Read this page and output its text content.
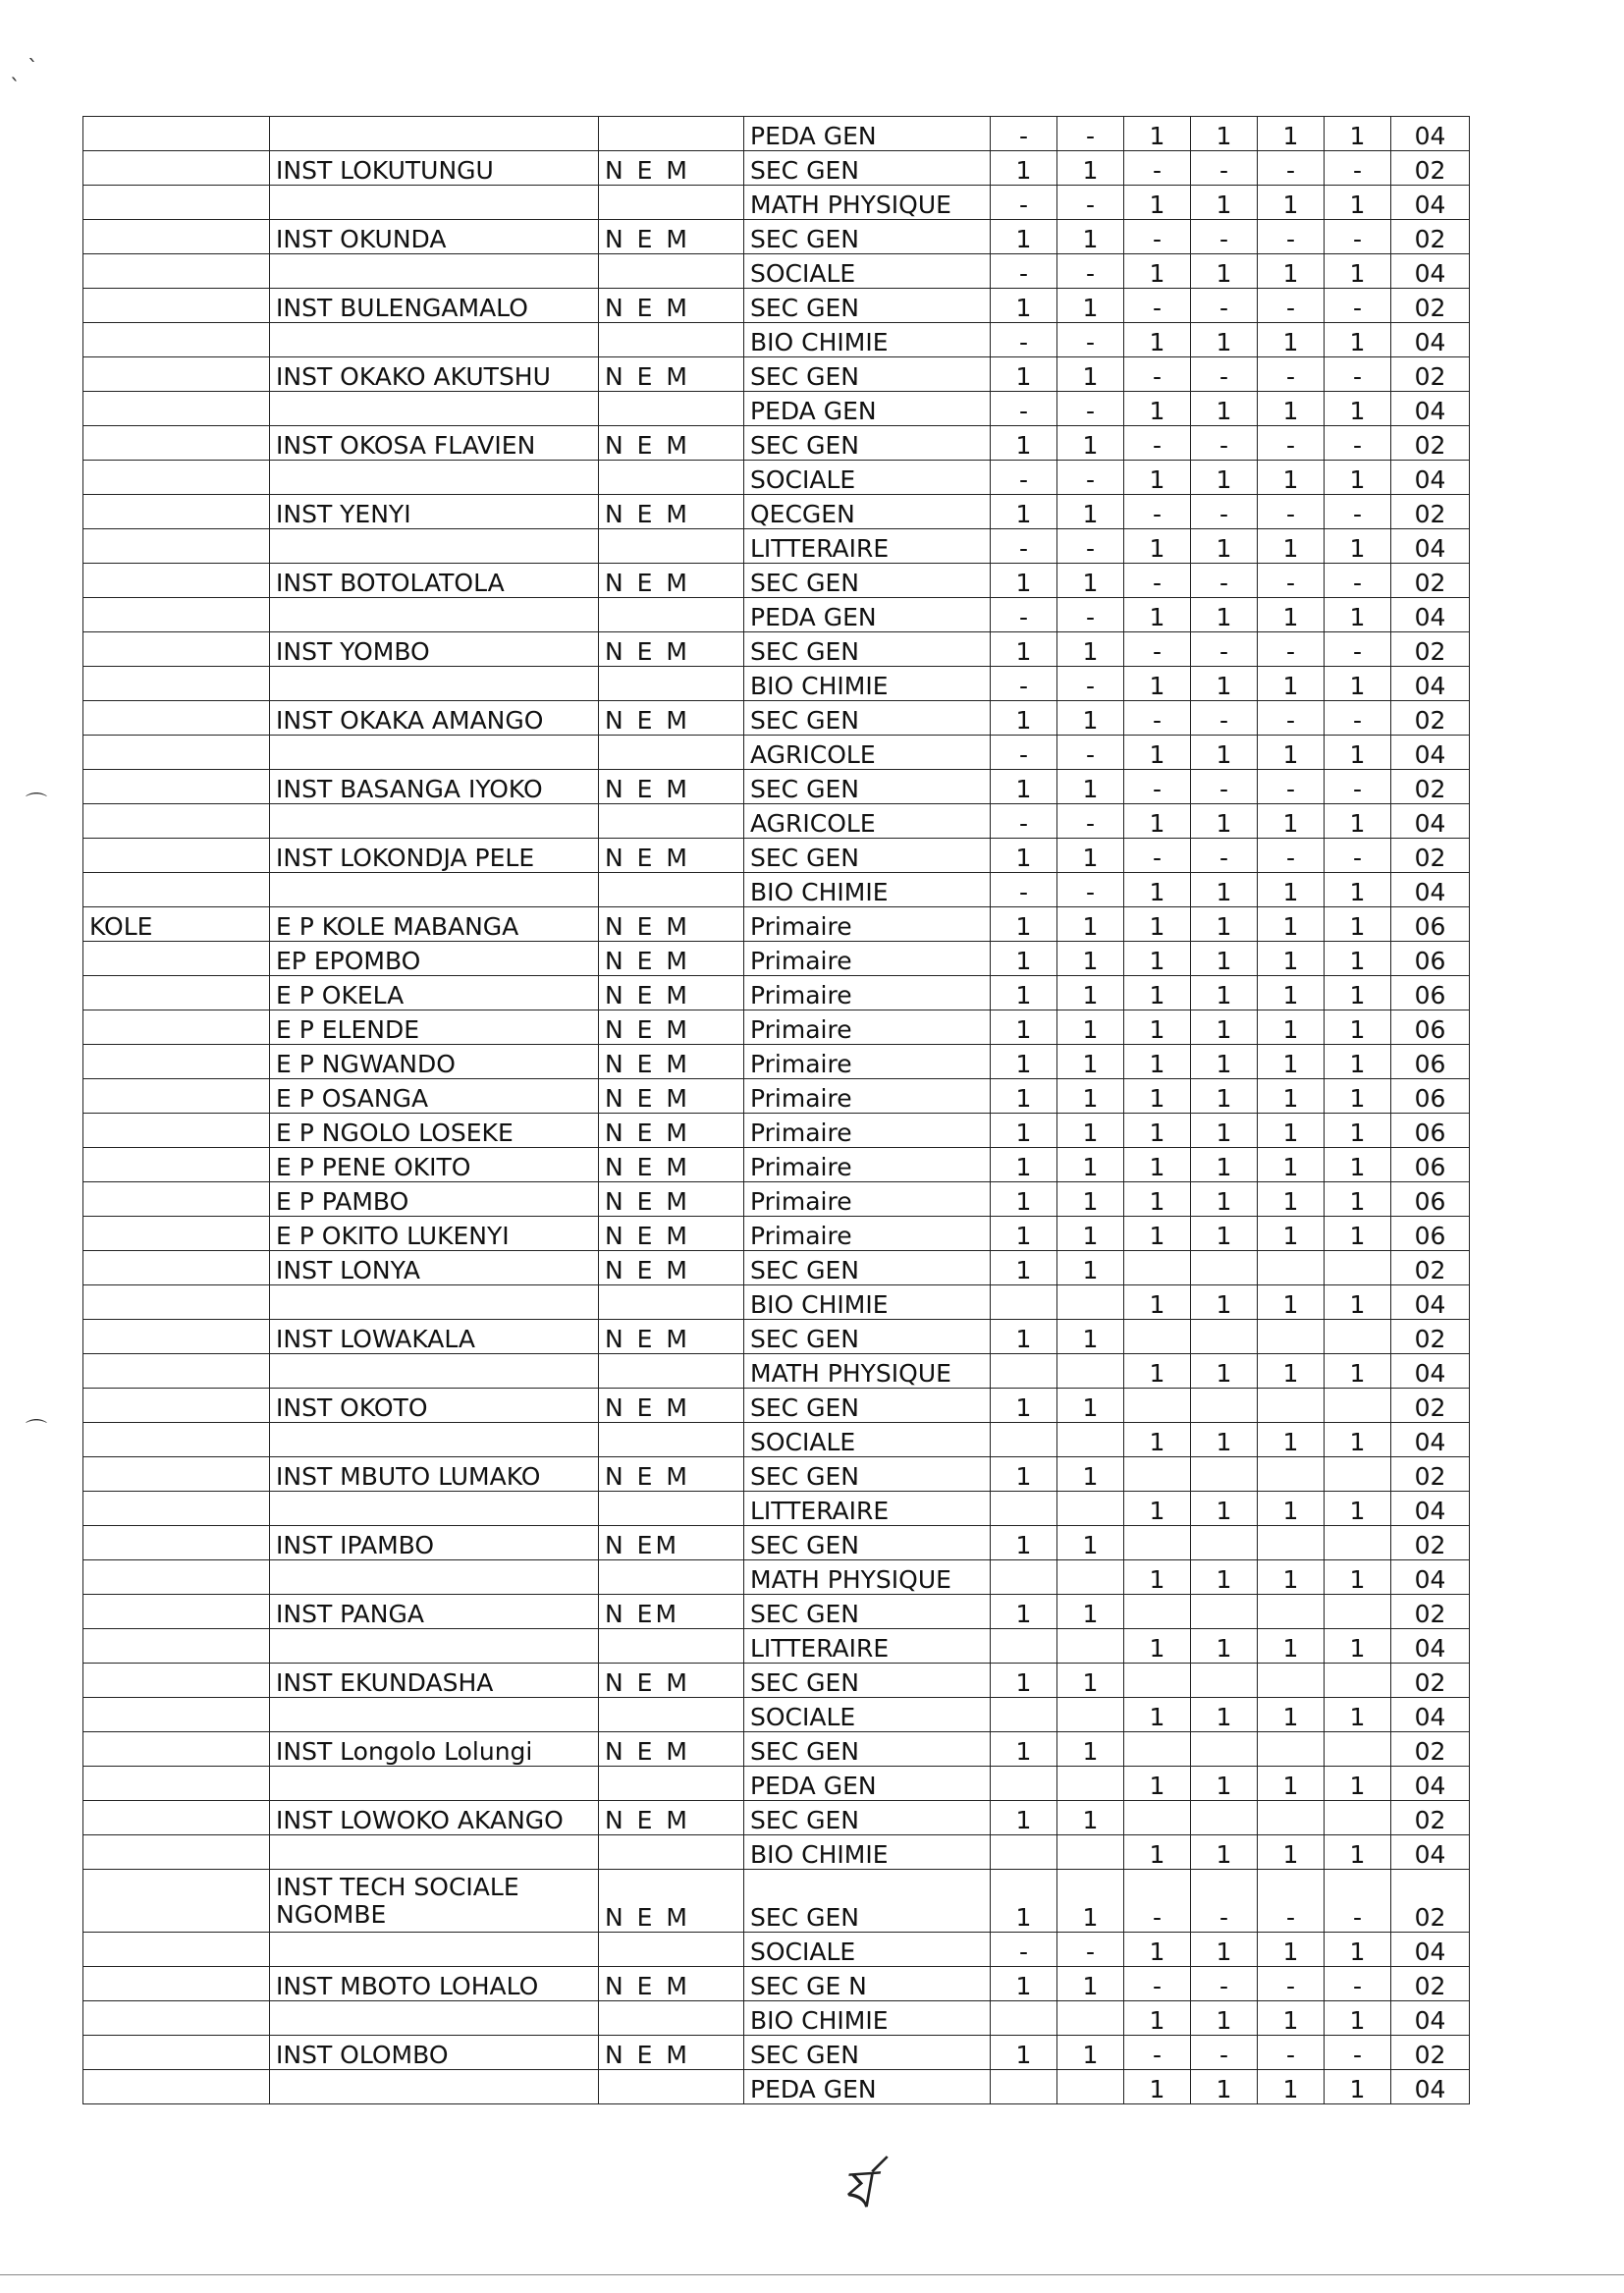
ˎ ˋ
⌒
⌒
			PEDA GEN	-	-	1	1	1	1	04
	INST LOKUTUNGU	N E M	SEC GEN	1	1	-	-	-	-	02
			MATH PHYSIQUE	-	-	1	1	1	1	04
	INST OKUNDA	N E M	SEC GEN	1	1	-	-	-	-	02
			SOCIALE	-	-	1	1	1	1	04
	INST BULENGAMALO	N E M	SEC GEN	1	1	-	-	-	-	02
			BIO CHIMIE	-	-	1	1	1	1	04
	INST OKAKO AKUTSHU	N E M	SEC GEN	1	1	-	-	-	-	02
			PEDA GEN	-	-	1	1	1	1	04
	INST OKOSA FLAVIEN	N E M	SEC GEN	1	1	-	-	-	-	02
			SOCIALE	-	-	1	1	1	1	04
	INST YENYI	N E M	QECGEN	1	1	-	-	-	-	02
			LITTERAIRE	-	-	1	1	1	1	04
	INST BOTOLATOLA	N E M	SEC GEN	1	1	-	-	-	-	02
			PEDA GEN	-	-	1	1	1	1	04
	INST YOMBO	N E M	SEC GEN	1	1	-	-	-	-	02
			BIO CHIMIE	-	-	1	1	1	1	04
	INST OKAKA AMANGO	N E M	SEC GEN	1	1	-	-	-	-	02
			AGRICOLE	-	-	1	1	1	1	04
	INST BASANGA IYOKO	N E M	SEC GEN	1	1	-	-	-	-	02
			AGRICOLE	-	-	1	1	1	1	04
	INST LOKONDJA PELE	N E M	SEC GEN	1	1	-	-	-	-	02
			BIO CHIMIE	-	-	1	1	1	1	04
KOLE	E P KOLE MABANGA	N E M	Primaire	1	1	1	1	1	1	06
	EP EPOMBO	N E M	Primaire	1	1	1	1	1	1	06
	E P OKELA	N E M	Primaire	1	1	1	1	1	1	06
	E P ELENDE	N E M	Primaire	1	1	1	1	1	1	06
	E P NGWANDO	N E M	Primaire	1	1	1	1	1	1	06
	E P OSANGA	N E M	Primaire	1	1	1	1	1	1	06
	E P NGOLO LOSEKE	N E M	Primaire	1	1	1	1	1	1	06
	E P PENE OKITO	N E M	Primaire	1	1	1	1	1	1	06
	E P PAMBO	N E M	Primaire	1	1	1	1	1	1	06
	E P OKITO LUKENYI	N E M	Primaire	1	1	1	1	1	1	06
	INST LONYA	N E M	SEC GEN	1	1					02
			BIO CHIMIE			1	1	1	1	04
	INST LOWAKALA	N E M	SEC GEN	1	1					02
			MATH PHYSIQUE			1	1	1	1	04
	INST OKOTO	N E M	SEC GEN	1	1					02
			SOCIALE			1	1	1	1	04
	INST MBUTO LUMAKO	N E M	SEC GEN	1	1					02
			LITTERAIRE			1	1	1	1	04
	INST IPAMBO	N EM	SEC GEN	1	1					02
			MATH PHYSIQUE			1	1	1	1	04
	INST PANGA	N EM	SEC GEN	1	1					02
			LITTERAIRE			1	1	1	1	04
	INST EKUNDASHA	N E M	SEC GEN	1	1					02
			SOCIALE			1	1	1	1	04
	INST Longolo Lolungi	N E M	SEC GEN	1	1					02
			PEDA GEN			1	1	1	1	04
	INST LOWOKO AKANGO	N E M	SEC GEN	1	1					02
			BIO CHIMIE			1	1	1	1	04
	INST TECH SOCIALE NGOMBE	N E M	SEC GEN	1	1	-	-	-	-	02
			SOCIALE	-	-	1	1	1	1	04
	INST MBOTO LOHALO	N E M	SEC GE N	1	1	-	-	-	-	02
			BIO CHIMIE			1	1	1	1	04
	INST OLOMBO	N E M	SEC GEN	1	1	-	-	-	-	02
			PEDA GEN			1	1	1	1	04
ৰ্য
